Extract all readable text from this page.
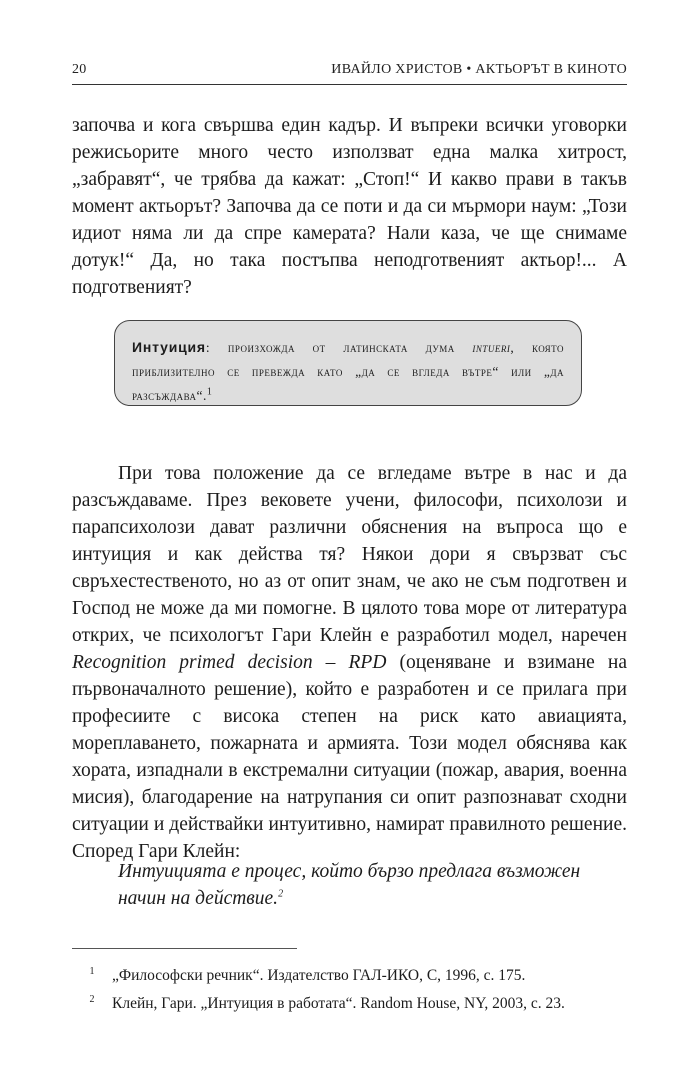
20	ИВАЙЛО ХРИСТОВ • АКТЬОРЪТ В КИНОТО

започва и кога свършва един кадър. И въпреки всички уговорки режисьорите много често използват една малка хитрост, „забравят“, че трябва да кажат: „Стоп!“ И какво прави в такъв момент актьорът? Започва да се поти и да си мърмори наум: „Този идиот няма ли да спре камерата? Нали каза, че ще снимаме дотук!“ Да, но така постъпва неподготвеният актьор!... А подготвеният?

Интуиция: произхожда от латинската дума intueri, която приблизително се превежда като „да се вгледа вътре“ или „да разсъждава“.$^1$

При това положение да се вгледаме вътре в нас и да разсъждаваме. През вековете учени, философи, психолози и парапсихолози дават различни обяснения на въпроса що е интуиция и как действа тя? Някои дори я свързват със свръхестественото, но аз от опит знам, че ако не съм подготвен и Господ не може да ми помогне. В цялото това море от литература открих, че психологът Гари Клейн е разработил модел, наречен Recognition primed decision – RPD (оценяване и взимане на първоначалното решение), който е разработен и се прилага при професиите с висока степен на риск като авиацията, мореплаването, пожарната и армията. Този модел обяснява как хората, изпаднали в екстремални ситуации (пожар, авария, военна мисия), благодарение на натрупания си опит разпознават сходни ситуации и действайки интуитивно, намират правилното решение. Според Гари Клейн:

Интуицията е процес, който бързо предлага възможен начин на действие.$^2$

$^1$	„Философски речник“. Издателство ГАЛ-ИКО, С, 1996, с. 175.
$^2$	Клейн, Гари. „Интуиция в работата“. Random House, NY, 2003, с. 23.
